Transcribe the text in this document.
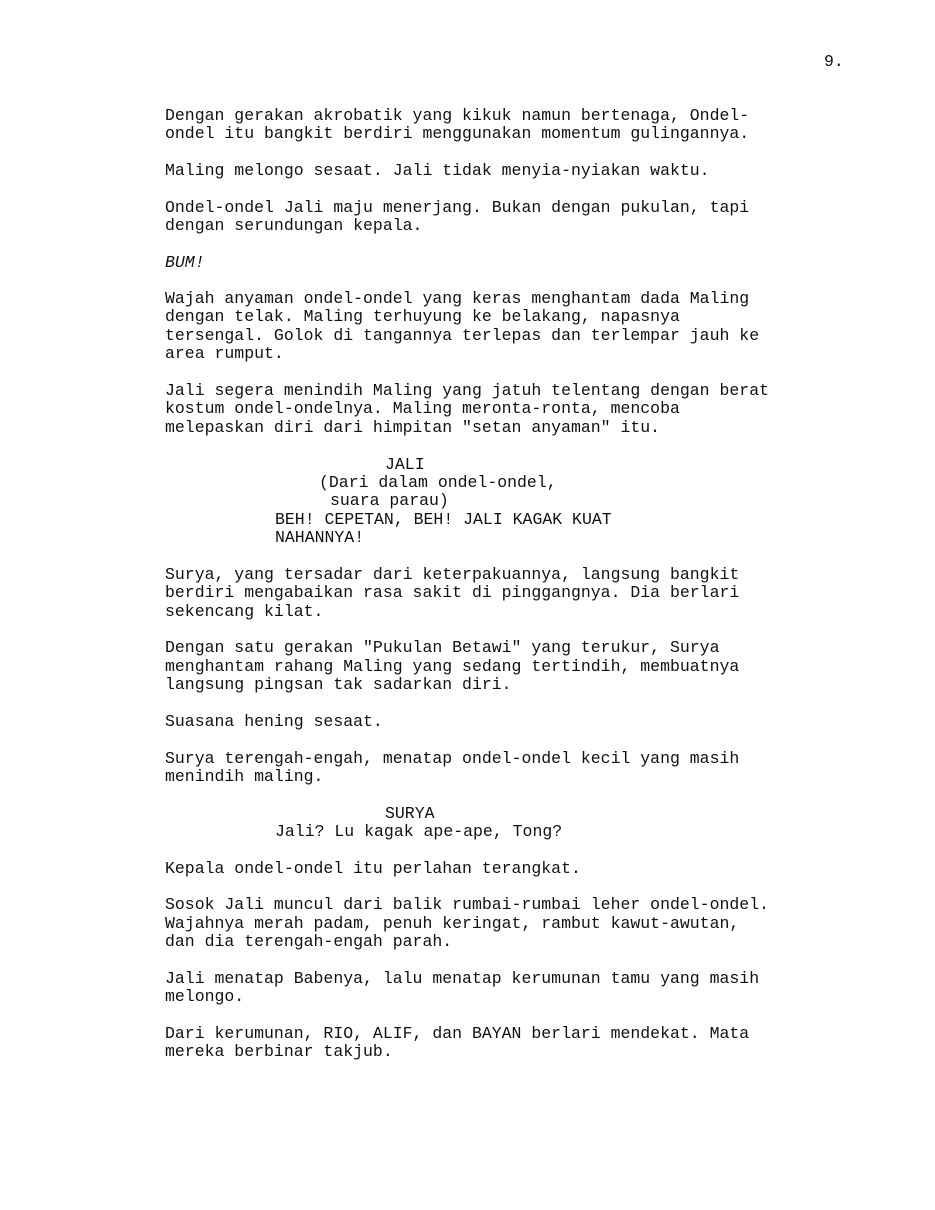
9.

Dengan gerakan akrobatik yang kikuk namun bertenaga, Ondel-

ondel itu bangkit berdiri menggunakan momentum gulingannya.

Maling melongo sesaat. Jali tidak menyia-nyiakan waktu.

Ondel-ondel Jali maju menerjang. Bukan dengan pukulan, tapi

dengan serundungan kepala.

BUM!

Wajah anyaman ondel-ondel yang keras menghantam dada Maling

dengan telak. Maling terhuyung ke belakang, napasnya

tersengal. Golok di tangannya terlepas dan terlempar jauh ke

area rumput.

Jali segera menindih Maling yang jatuh telentang dengan berat

kostum ondel-ondelnya. Maling meronta-ronta, mencoba

melepaskan diri dari himpitan "setan anyaman" itu.

JALI

(Dari dalam ondel-ondel,

suara parau)

BEH! CEPETAN, BEH! JALI KAGAK KUAT

NAHANNYA!

Surya, yang tersadar dari keterpakuannya, langsung bangkit

berdiri mengabaikan rasa sakit di pinggangnya. Dia berlari

sekencang kilat.

Dengan satu gerakan "Pukulan Betawi" yang terukur, Surya

menghantam rahang Maling yang sedang tertindih, membuatnya

langsung pingsan tak sadarkan diri.

Suasana hening sesaat.

Surya terengah-engah, menatap ondel-ondel kecil yang masih

menindih maling.

SURYA

Jali? Lu kagak ape-ape, Tong?

Kepala ondel-ondel itu perlahan terangkat.

Sosok Jali muncul dari balik rumbai-rumbai leher ondel-ondel.

Wajahnya merah padam, penuh keringat, rambut kawut-awutan,

dan dia terengah-engah parah.

Jali menatap Babenya, lalu menatap kerumunan tamu yang masih

melongo.

Dari kerumunan, RIO, ALIF, dan BAYAN berlari mendekat. Mata

mereka berbinar takjub.
